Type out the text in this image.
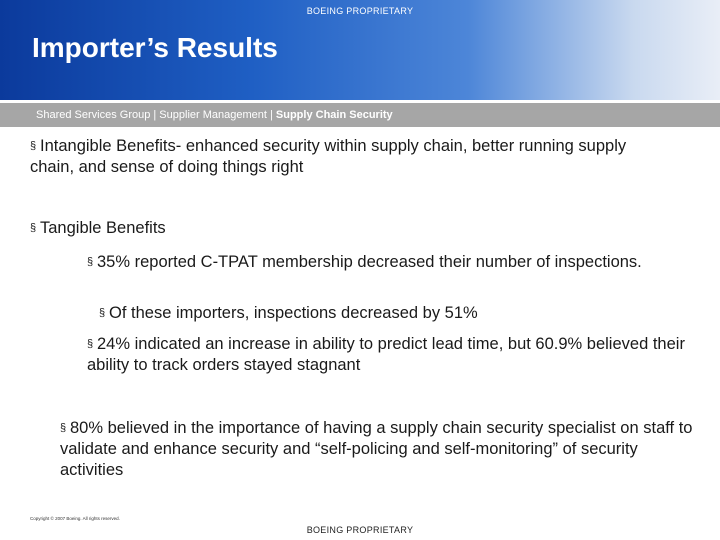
BOEING PROPRIETARY
Importer’s Results
Shared Services Group | Supplier Management | Supply Chain Security
§ Intangible Benefits- enhanced security within supply chain, better running supply chain, and sense of doing things right
§ Tangible Benefits
§ 35% reported C-TPAT membership decreased their number of inspections.
§ Of these importers, inspections decreased by 51%
§ 24% indicated an increase in ability to predict lead time, but 60.9% believed their ability to track orders stayed stagnant
§ 80% believed in the importance of having a supply chain security specialist on staff to validate and enhance security and “self-policing and self-monitoring” of security activities
Copyright © 2007 Boeing. All rights reserved.
BOEING PROPRIETARY
